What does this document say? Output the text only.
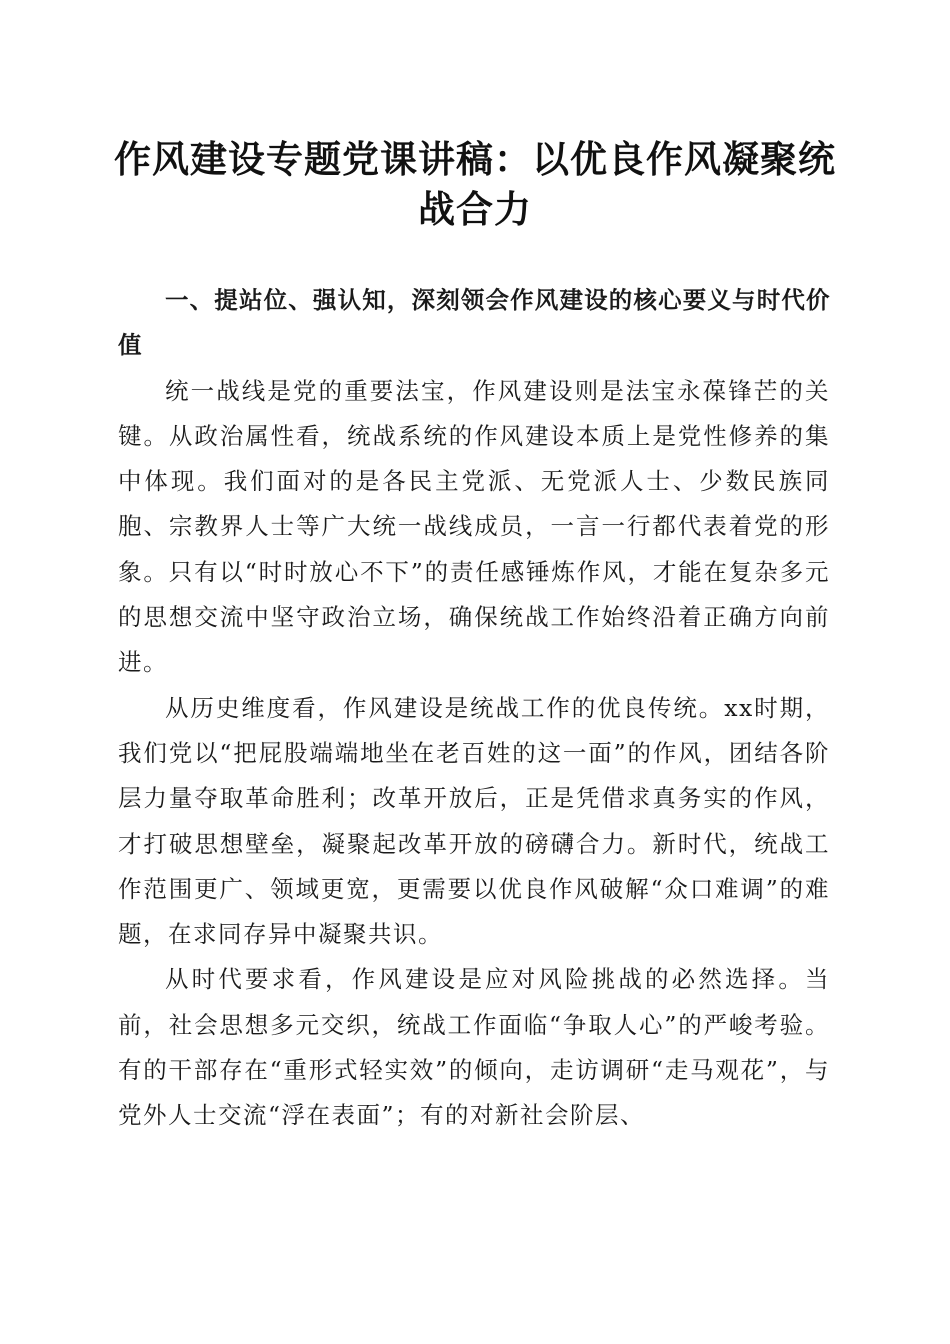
作风建设专题党课讲稿：以优良作风凝聚统战合力

一、提站位、强认知，深刻领会作风建设的核心要义与时代价值

统一战线是党的重要法宝，作风建设则是法宝永葆锋芒的关键。从政治属性看，统战系统的作风建设本质上是党性修养的集中体现。我们面对的是各民主党派、无党派人士、少数民族同胞、宗教界人士等广大统一战线成员，一言一行都代表着党的形象。只有以“时时放心不下”的责任感锤炼作风，才能在复杂多元的思想交流中坚守政治立场，确保统战工作始终沿着正确方向前进。

从历史维度看，作风建设是统战工作的优良传统。xx时期，我们党以“把屁股端端地坐在老百姓的这一面”的作风，团结各阶层力量夺取革命胜利；改革开放后，正是凭借求真务实的作风，才打破思想壁垒，凝聚起改革开放的磅礴合力。新时代，统战工作范围更广、领域更宽，更需要以优良作风破解“众口难调”的难题，在求同存异中凝聚共识。

从时代要求看，作风建设是应对风险挑战的必然选择。当前，社会思想多元交织，统战工作面临“争取人心”的严峻考验。有的干部存在“重形式轻实效”的倾向，走访调研“走马观花”，与党外人士交流“浮在表面”；有的对新社会阶层、
